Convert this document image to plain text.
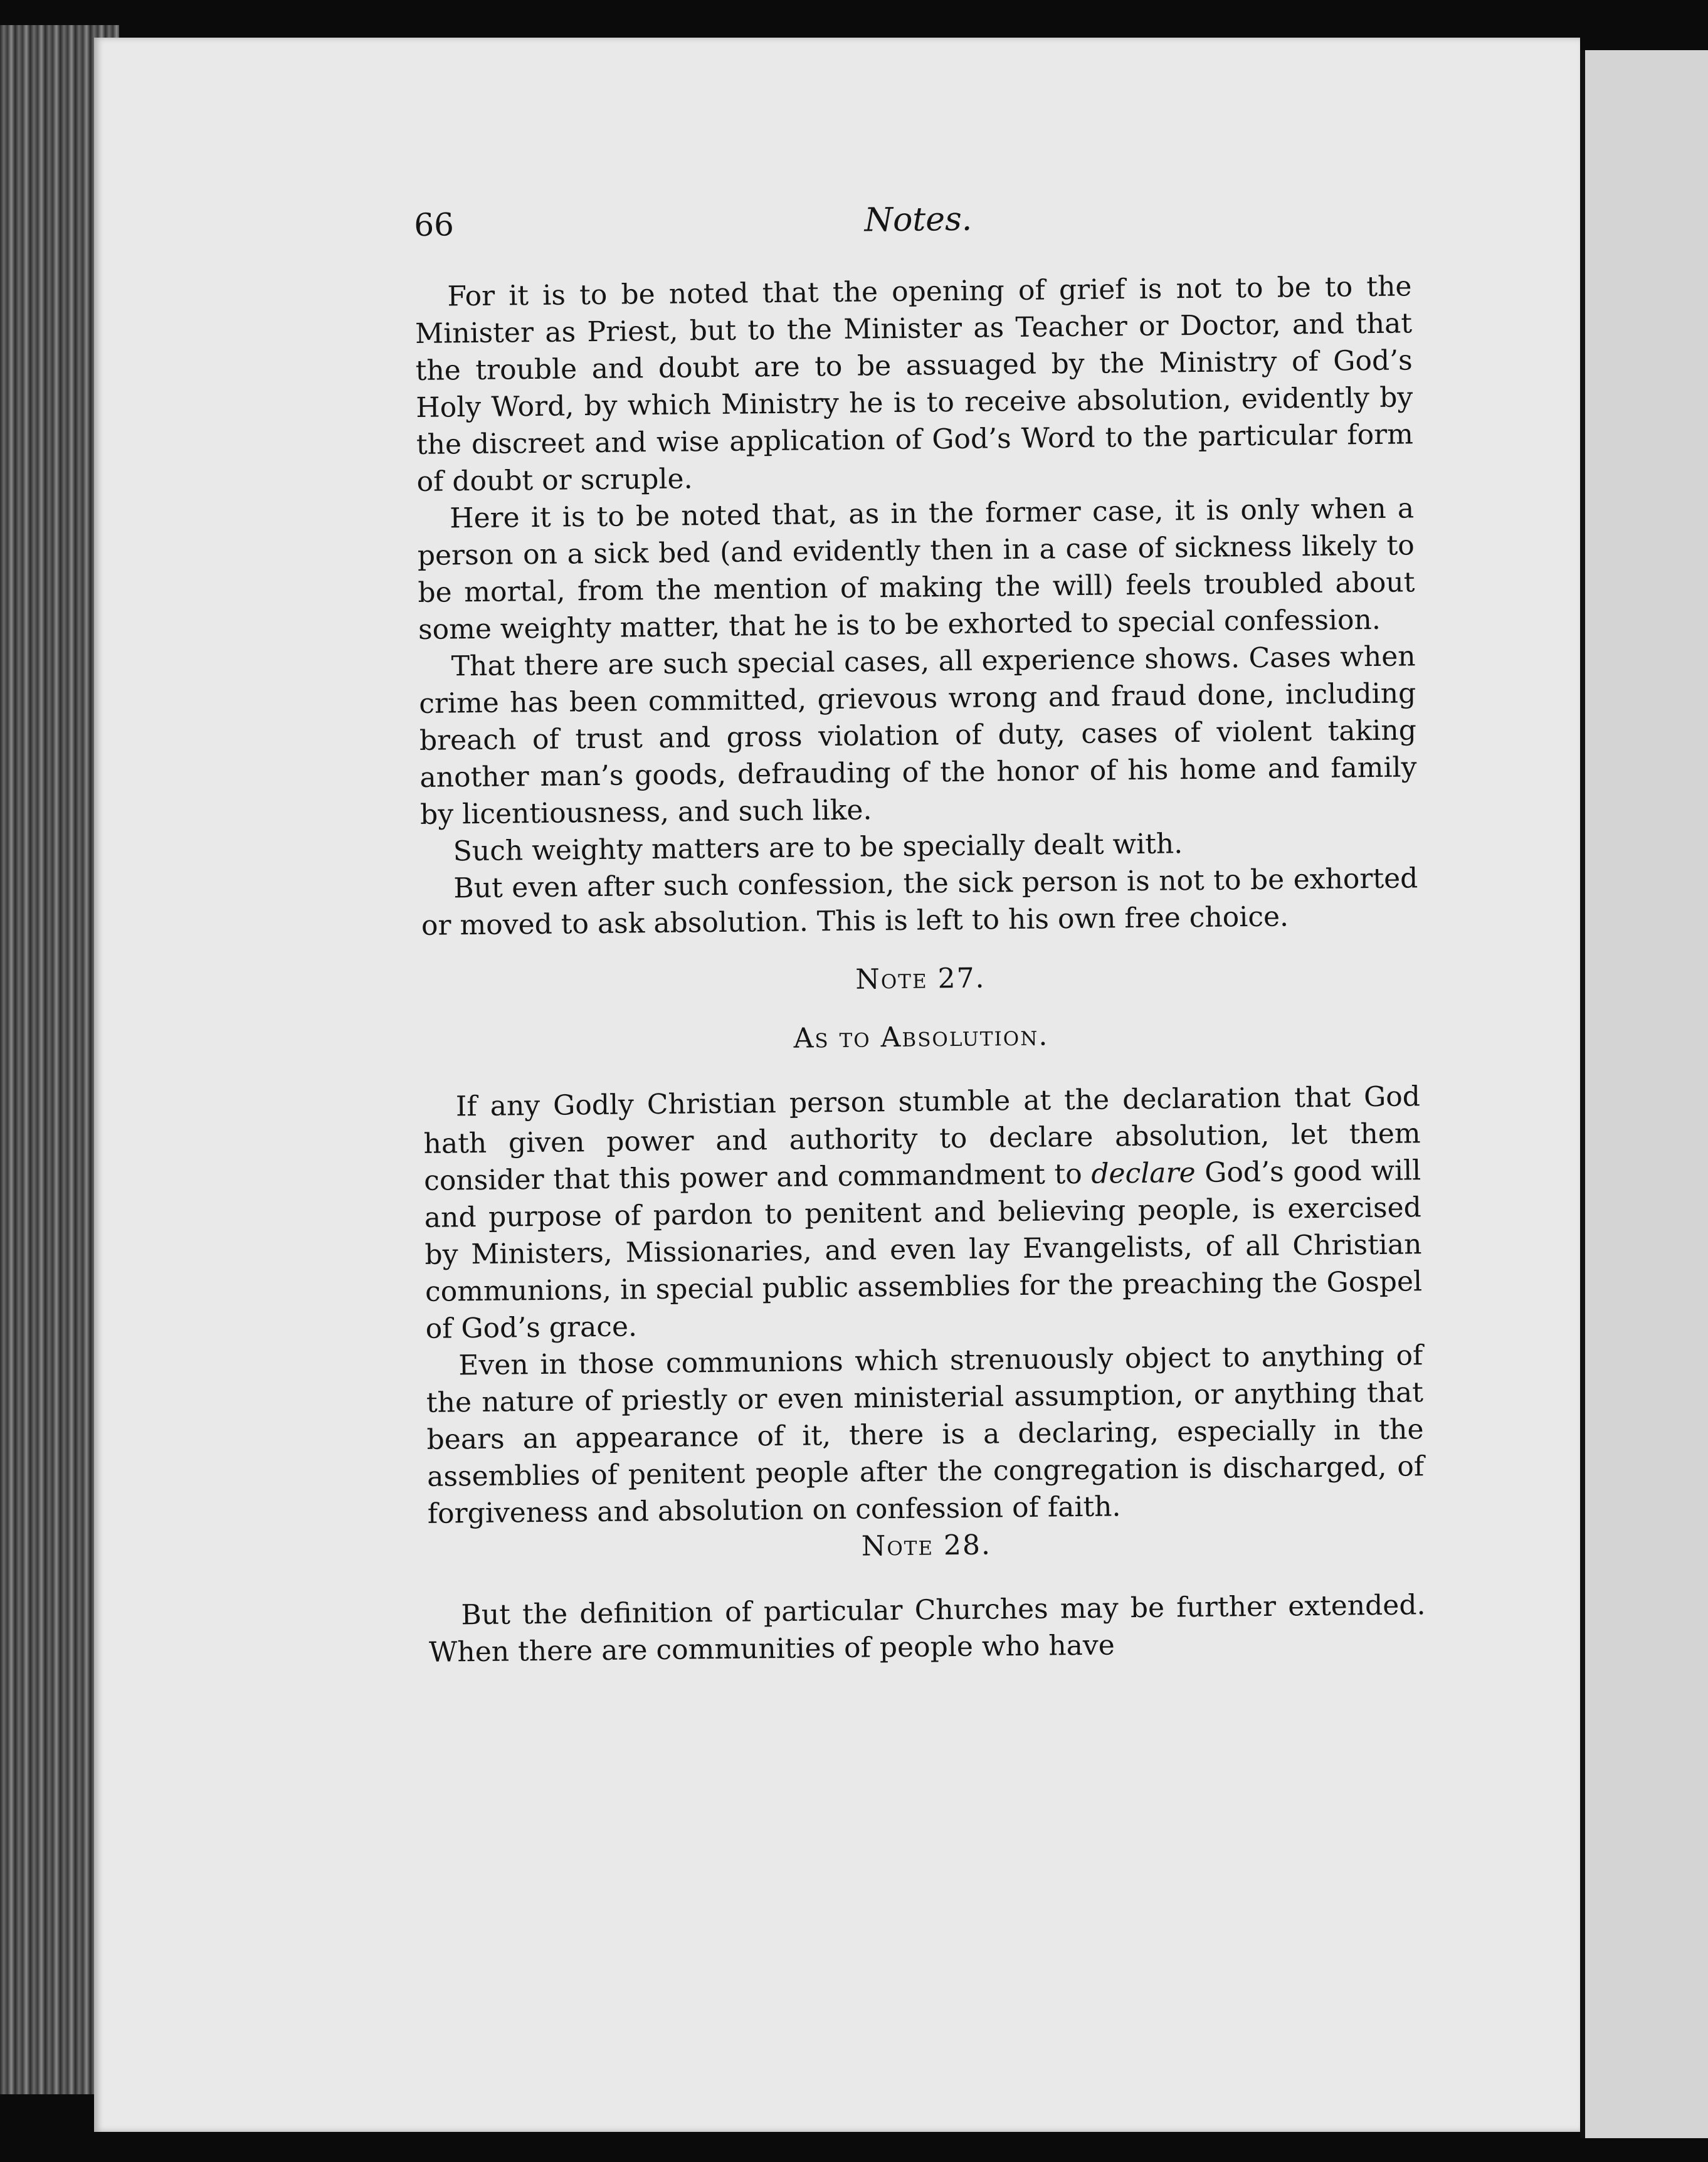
66	Notes.

For it is to be noted that the opening of grief is not to be to the Minister as Priest, but to the Minister as Teacher or Doctor, and that the trouble and doubt are to be assuaged by the Ministry of God’s Holy Word, by which Ministry he is to receive absolution, evidently by the discreet and wise application of God’s Word to the particular form of doubt or scruple.

Here it is to be noted that, as in the former case, it is only when a person on a sick bed (and evidently then in a case of sickness likely to be mortal, from the mention of making the will) feels troubled about some weighty matter, that he is to be exhorted to special confession.

That there are such special cases, all experience shows. Cases when crime has been committed, grievous wrong and fraud done, including breach of trust and gross violation of duty, cases of violent taking another man’s goods, defrauding of the honor of his home and family by licentiousness, and such like.

Such weighty matters are to be specially dealt with.

But even after such confession, the sick person is not to be exhorted or moved to ask absolution. This is left to his own free choice.

Note 27.
As to Absolution.

If any Godly Christian person stumble at the declaration that God hath given power and authority to declare absolution, let them consider that this power and commandment to declare God’s good will and purpose of pardon to penitent and believing people, is exercised by Ministers, Missionaries, and even lay Evangelists, of all Christian communions, in special public assemblies for the preaching the Gospel of God’s grace.

Even in those communions which strenuously object to anything of the nature of priestly or even ministerial assumption, or anything that bears an appearance of it, there is a declaring, especially in the assemblies of penitent people after the congregation is discharged, of forgiveness and absolution on confession of faith.

Note 28.

But the definition of particular Churches may be further extended. When there are communities of people who have
